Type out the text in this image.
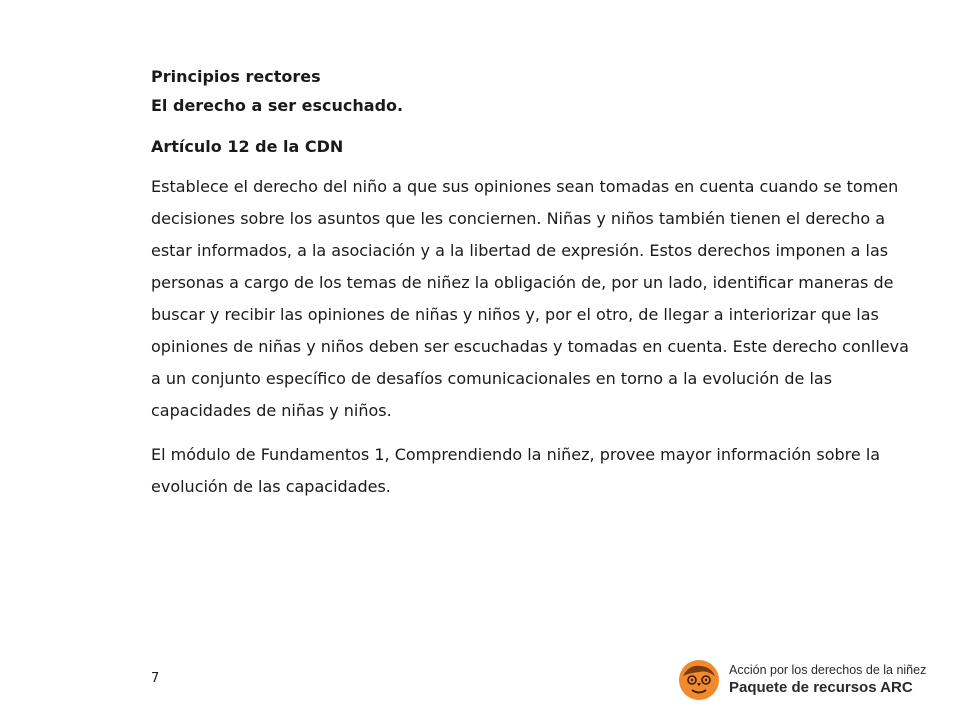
Principios rectores

El derecho a ser escuchado.

Artículo 12 de la CDN

Establece el derecho del niño a que sus opiniones sean tomadas en cuenta cuando se tomen decisiones sobre los asuntos que les conciernen. Niñas y niños también tienen el derecho a estar informados, a la asociación y a la libertad de expresión. Estos derechos imponen a las personas a cargo de los temas de niñez la obligación de, por un lado, identificar maneras de buscar y recibir las opiniones de niñas y niños y, por el otro, de llegar a interiorizar que las opiniones de niñas y niños deben ser escuchadas y tomadas en cuenta. Este derecho conlleva a un conjunto específico de desafíos comunicacionales en torno a la evolución de las capacidades de niñas y niños.

El módulo de Fundamentos 1, Comprendiendo la niñez, provee mayor información sobre la evolución de las capacidades.

7
Acción por los derechos de la niñez
Paquete de recursos ARC
